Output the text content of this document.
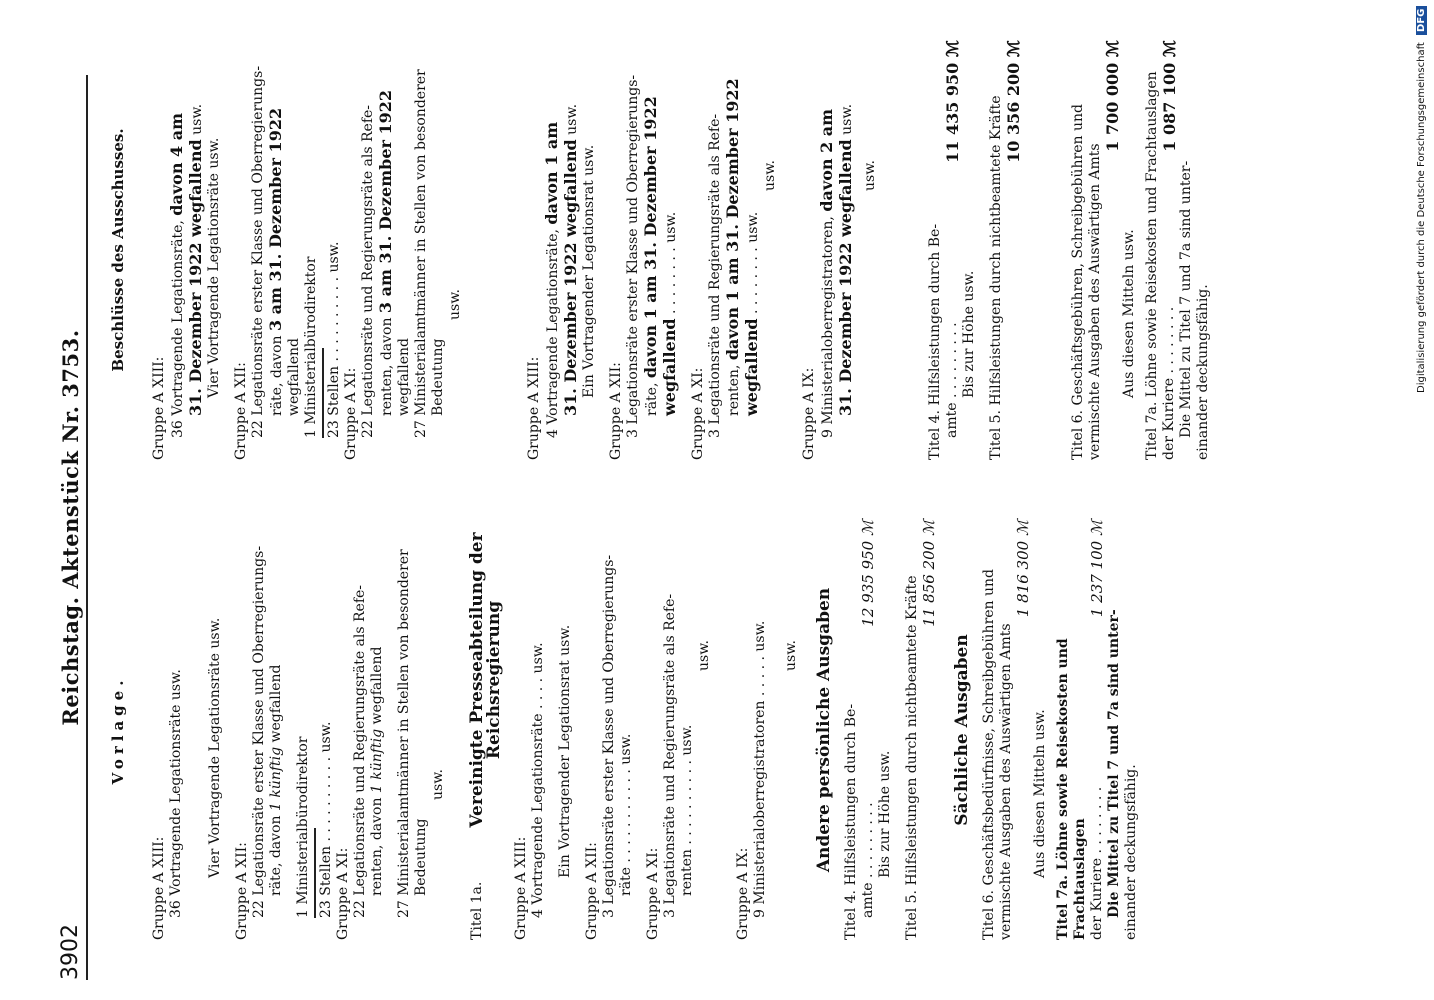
3902
Reichstag. Aktenstück Nr. 3753.
Vorlage.
Gruppe A XIII: 36 Vortragende Legationsräte usw. Vier Vortragende Legationsräte usw.
Gruppe A XII: 22 Legationsräte erster Klasse und Oberregierungs- räte, davon 1 künftig wegfallend
1 Ministerialbürodirektor 23 Stellen . . . . . . . . . . usw. Gruppe A XI: 22 Legationsräte und Regierungsräte als Refe- renten, davon 1 künftig wegfallend 27 Ministerialamtmänner in Stellen von besonderer Bedeutung
usw.
Titel 1a.
Vereinigte Presseabteilung der Reichsregierung
Gruppe A XIII: 4 Vortragende Legationsräte . . . . usw. Ein Vortragender Legationsrat usw.
Gruppe A XII: 3 Legationsräte erster Klasse und Oberregierungs- räte . . . . . . . . . . . usw. Gruppe A XI: 3 Legationsräte und Regierungsräte als Refe- renten . . . . . . . . . . usw.
usw.
Gruppe A IX: 9 Ministerialoberregistratoren . . . . . usw. usw. Andere persönliche Ausgaben Titel 4. Hilfsleistungen durch Be- amte . . . . . . . . .
12 935 950 ℳ
Bis zur Höhe usw. Titel 5. Hilfsleistungen durch nichtbeamtete Kräfte
11 856 200 ℳ
Sächliche Ausgaben Titel 6. Geschäftsbedürfnisse, Schreibgebühren und vermischte Ausgaben des Auswärtigen Amts
1 816 300 ℳ
Aus diesen Mitteln usw. Titel 7a. Löhne sowie Reisekosten und Frachtauslagen der Kuriere . . . . . . . .
1 237 100 ℳ
Die Mittel zu Titel 7 und 7a sind unter- einander deckungsfähig.
Beschlüsse des Ausschusses.
Gruppe A XIII: 36 Vortragende Legationsräte, davon 4 am 31. Dezember 1922 wegfallend usw.
Vier Vortragende Legationsräte usw.
Gruppe A XII: 22 Legationsräte erster Klasse und Oberregierungs- räte, davon 3 am 31. Dezember 1922
wegfallend 1 Ministerialbürodirektor 23 Stellen . . . . . . . . . . usw. Gruppe A XI: 22 Legationsräte und Regierungsräte als Refe- renten, davon 3 am 31. Dezember 1922
wegfallend 27 Ministerialamtmänner in Stellen von besonderer Bedeutung
usw.
Gruppe A XIII: 4 Vortragende Legationsräte, davon 1 am 31. Dezember 1922 wegfallend usw.
Ein Vortragender Legationsrat usw.
Gruppe A XII: 3 Legationsräte erster Klasse und Oberregierungs- räte, davon 1 am 31. Dezember 1922 wegfallend . . . . . . . . usw.
Gruppe A XI: 3 Legationsräte und Regierungsräte als Refe- renten, davon 1 am 31. Dezember 1922
wegfallend . . . . . . . . usw.
usw.
Gruppe A IX: 9 Ministerialoberregistratoren, davon 2 am 31. Dezember 1922 wegfallend usw.
usw.
Titel 4. Hilfsleistungen durch Be- amte . . . . . . . . .
11 435 950 ℳ
Bis zur Höhe usw. Titel 5. Hilfsleistungen durch nichtbeamtete Kräfte 10 356 200 ℳ
Titel 6. Geschäftsgebühren, Schreibgebühren und vermischte Ausgaben des Auswärtigen Amts
1 700 000 ℳ
Aus diesen Mitteln usw. Titel 7a. Löhne sowie Reisekosten und Frachtauslagen der Kuriere . . . . . . . .
1 087 100 ℳ
Die Mittel zu Titel 7 und 7a sind unter- einander deckungsfähig.	Digitalisierung gefördert durch die Deutsche Forschungsgemeinschaft DFG
